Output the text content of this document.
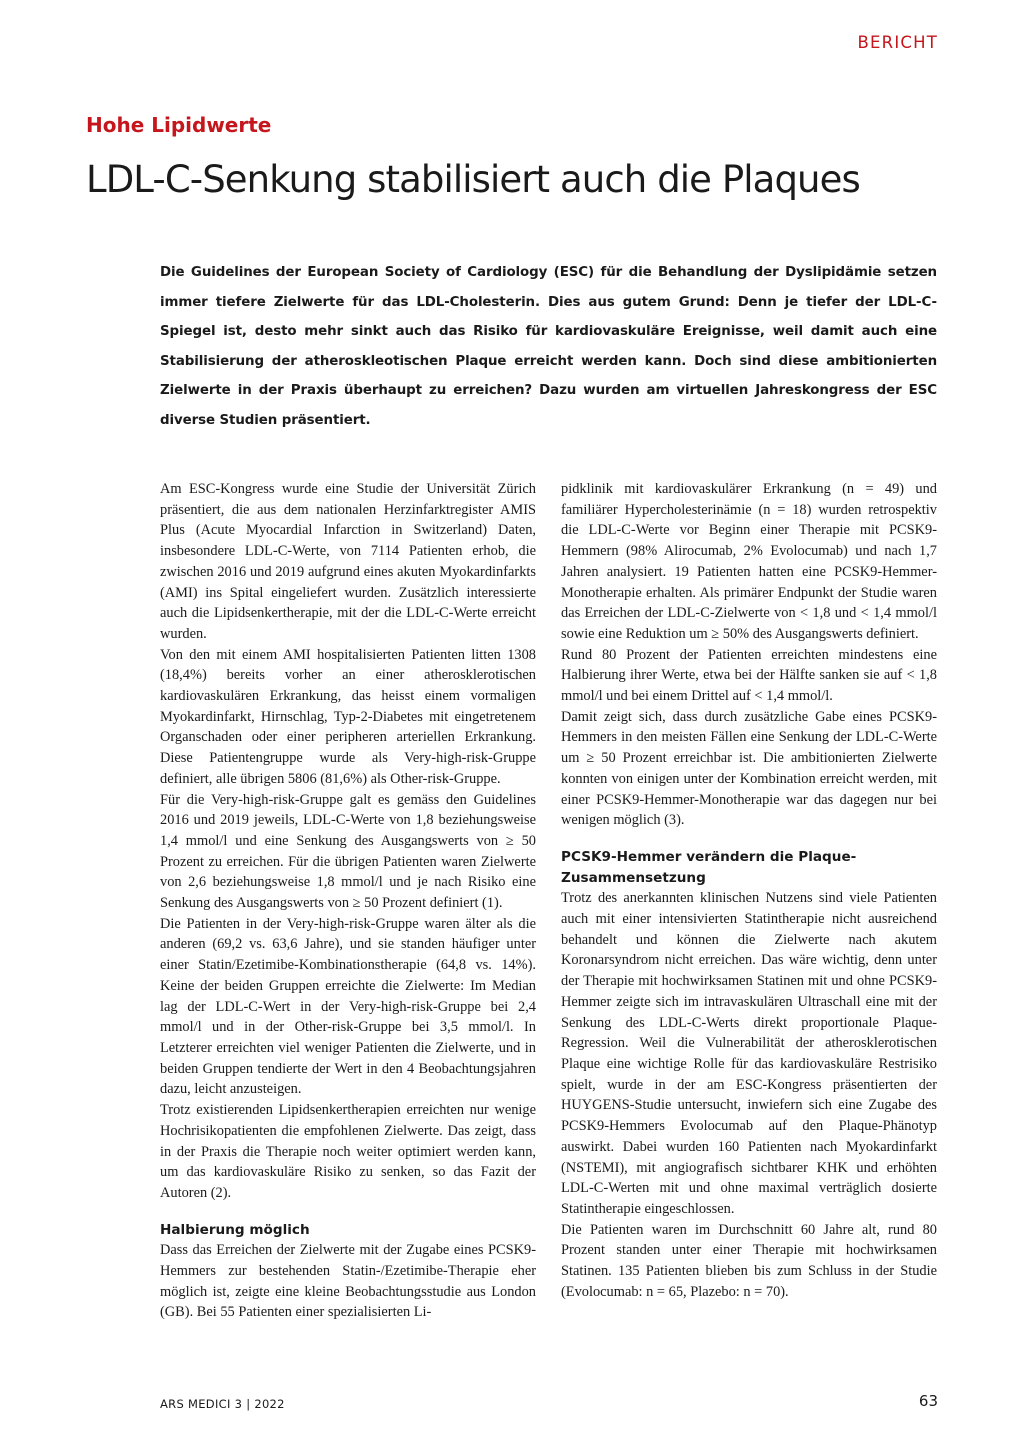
BERICHT
Hohe Lipidwerte
LDL-C-Senkung stabilisiert auch die Plaques

Die Guidelines der European Society of Cardiology (ESC) für die Behandlung der Dyslipidämie setzen immer tiefere Zielwerte für das LDL-Cholesterin. Dies aus gutem Grund: Denn je tiefer der LDL-C-Spiegel ist, desto mehr sinkt auch das Risiko für kardiovaskuläre Ereignisse, weil damit auch eine Stabilisierung der atheroskleotischen Plaque erreicht werden kann. Doch sind diese ambitionierten Zielwerte in der Praxis überhaupt zu erreichen? Dazu wurden am virtuellen Jahreskongress der ESC diverse Studien präsentiert.

Am ESC-Kongress wurde eine Studie der Universität Zürich präsentiert, die aus dem nationalen Herzinfarktregister AMIS Plus (Acute Myocardial Infarction in Switzerland) Daten, insbesondere LDL-C-Werte, von 7114 Patienten erhob, die zwischen 2016 und 2019 aufgrund eines akuten Myokardinfarkts (AMI) ins Spital eingeliefert wurden. Zusätzlich interessierte auch die Lipidsenkertherapie, mit der die LDL-C-Werte erreicht wurden.

Von den mit einem AMI hospitalisierten Patienten litten 1308 (18,4%) bereits vorher an einer atherosklerotischen kardiovaskulären Erkrankung, das heisst einem vormaligen Myokardinfarkt, Hirnschlag, Typ-2-Diabetes mit eingetretenem Organschaden oder einer peripheren arteriellen Erkrankung. Diese Patientengruppe wurde als Very-high-risk-Gruppe definiert, alle übrigen 5806 (81,6%) als Other-risk-Gruppe.

Für die Very-high-risk-Gruppe galt es gemäss den Guidelines 2016 und 2019 jeweils, LDL-C-Werte von 1,8 beziehungsweise 1,4 mmol/l und eine Senkung des Ausgangswerts von ≥ 50 Prozent zu erreichen. Für die übrigen Patienten waren Zielwerte von 2,6 beziehungsweise 1,8 mmol/l und je nach Risiko eine Senkung des Ausgangswerts von ≥ 50 Prozent definiert (1).

Die Patienten in der Very-high-risk-Gruppe waren älter als die anderen (69,2 vs. 63,6 Jahre), und sie standen häufiger unter einer Statin/Ezetimibe-Kombinationstherapie (64,8 vs. 14%). Keine der beiden Gruppen erreichte die Zielwerte: Im Median lag der LDL-C-Wert in der Very-high-risk-Gruppe bei 2,4 mmol/l und in der Other-risk-Gruppe bei 3,5 mmol/l. In Letzterer erreichten viel weniger Patienten die Zielwerte, und in beiden Gruppen tendierte der Wert in den 4 Beobachtungsjahren dazu, leicht anzusteigen.

Trotz existierenden Lipidsenkertherapien erreichten nur wenige Hochrisikopatienten die empfohlenen Zielwerte. Das zeigt, dass in der Praxis die Therapie noch weiter optimiert werden kann, um das kardiovaskuläre Risiko zu senken, so das Fazit der Autoren (2).

Halbierung möglich

Dass das Erreichen der Zielwerte mit der Zugabe eines PCSK9-Hemmers zur bestehenden Statin-/Ezetimibe-Therapie eher möglich ist, zeigte eine kleine Beobachtungsstudie aus London (GB). Bei 55 Patienten einer spezialisierten Li-

pidklinik mit kardiovaskulärer Erkrankung (n = 49) und familiärer Hypercholesterinämie (n = 18) wurden retrospektiv die LDL-C-Werte vor Beginn einer Therapie mit PCSK9-Hemmern (98% Alirocumab, 2% Evolocumab) und nach 1,7 Jahren analysiert. 19 Patienten hatten eine PCSK9-Hemmer-Monotherapie erhalten. Als primärer Endpunkt der Studie waren das Erreichen der LDL-C-Zielwerte von < 1,8 und < 1,4 mmol/l sowie eine Reduktion um ≥ 50% des Ausgangswerts definiert.

Rund 80 Prozent der Patienten erreichten mindestens eine Halbierung ihrer Werte, etwa bei der Hälfte sanken sie auf < 1,8 mmol/l und bei einem Drittel auf < 1,4 mmol/l.

Damit zeigt sich, dass durch zusätzliche Gabe eines PCSK9-Hemmers in den meisten Fällen eine Senkung der LDL-C-Werte um ≥ 50 Prozent erreichbar ist. Die ambitionierten Zielwerte konnten von einigen unter der Kombination erreicht werden, mit einer PCSK9-Hemmer-Monotherapie war das dagegen nur bei wenigen möglich (3).

PCSK9-Hemmer verändern die Plaque-Zusammensetzung

Trotz des anerkannten klinischen Nutzens sind viele Patienten auch mit einer intensivierten Statintherapie nicht ausreichend behandelt und können die Zielwerte nach akutem Koronarsyndrom nicht erreichen. Das wäre wichtig, denn unter der Therapie mit hochwirksamen Statinen mit und ohne PCSK9-Hemmer zeigte sich im intravaskulären Ultraschall eine mit der Senkung des LDL-C-Werts direkt proportionale Plaque-Regression. Weil die Vulnerabilität der atherosklerotischen Plaque eine wichtige Rolle für das kardiovaskuläre Restrisiko spielt, wurde in der am ESC-Kongress präsentierten der HUYGENS-Studie untersucht, inwiefern sich eine Zugabe des PCSK9-Hemmers Evolocumab auf den Plaque-Phänotyp auswirkt. Dabei wurden 160 Patienten nach Myokardinfarkt (NSTEMI), mit angiografisch sichtbarer KHK und erhöhten LDL-C-Werten mit und ohne maximal verträglich dosierte Statintherapie eingeschlossen.

Die Patienten waren im Durchschnitt 60 Jahre alt, rund 80 Prozent standen unter einer Therapie mit hochwirksamen Statinen. 135 Patienten blieben bis zum Schluss in der Studie (Evolocumab: n = 65, Plazebo: n = 70).

ARS MEDICI 3 | 2022	63
